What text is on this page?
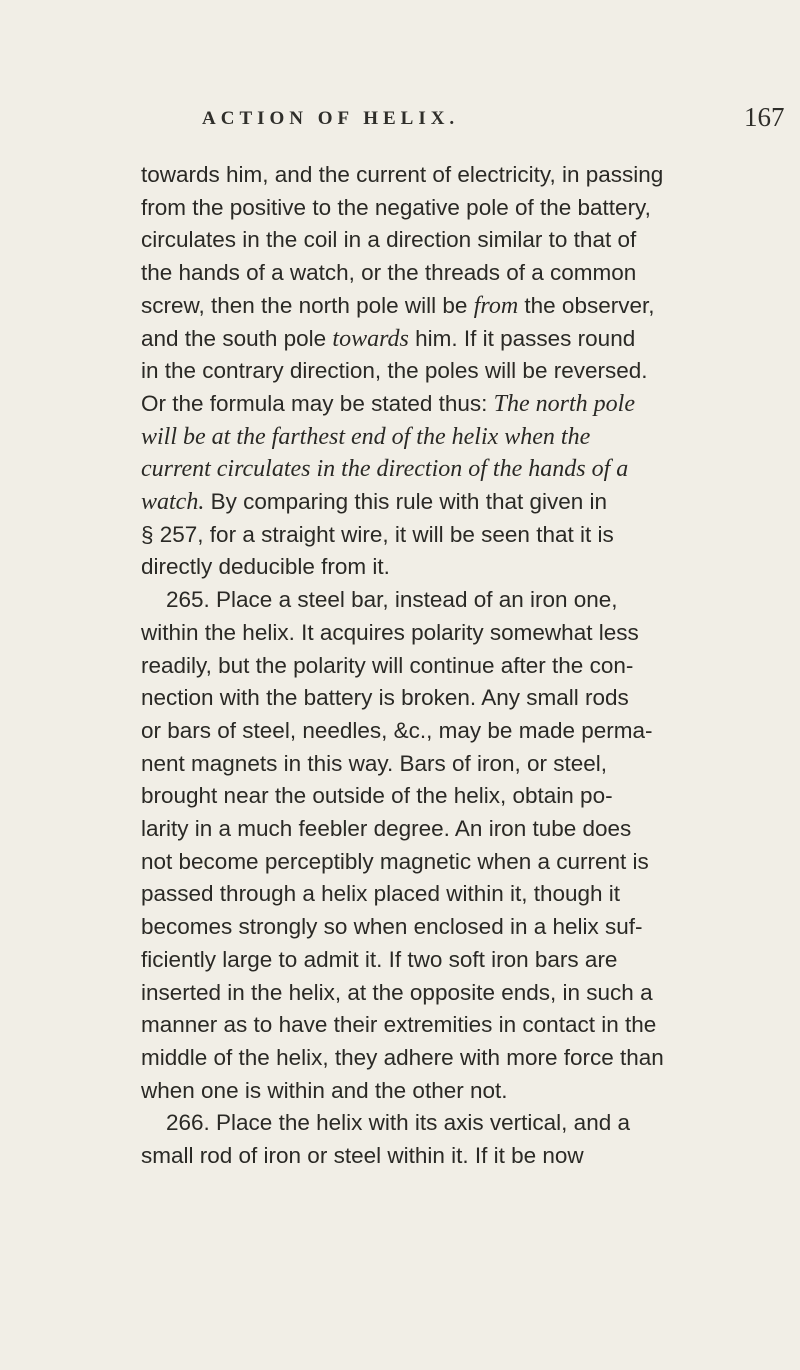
ACTION OF HELIX.	167
towards him, and the current of electricity, in passing
from the positive to the negative pole of the battery,
circulates in the coil in a direction similar to that of
the hands of a watch, or the threads of a common
screw, then the north pole will be from the observer,
and the south pole towards him. If it passes round
in the contrary direction, the poles will be reversed.
Or the formula may be stated thus: The north pole
will be at the farthest end of the helix when the
current circulates in the direction of the hands of a
watch. By comparing this rule with that given in
§ 257, for a straight wire, it will be seen that it is
directly deducible from it.
265. Place a steel bar, instead of an iron one,
within the helix. It acquires polarity somewhat less
readily, but the polarity will continue after the con-
nection with the battery is broken. Any small rods
or bars of steel, needles, &c., may be made perma-
nent magnets in this way. Bars of iron, or steel,
brought near the outside of the helix, obtain po-
larity in a much feebler degree. An iron tube does
not become perceptibly magnetic when a current is
passed through a helix placed within it, though it
becomes strongly so when enclosed in a helix suf-
ficiently large to admit it. If two soft iron bars are
inserted in the helix, at the opposite ends, in such a
manner as to have their extremities in contact in the
middle of the helix, they adhere with more force than
when one is within and the other not.
266. Place the helix with its axis vertical, and a
small rod of iron or steel within it. If it be now
